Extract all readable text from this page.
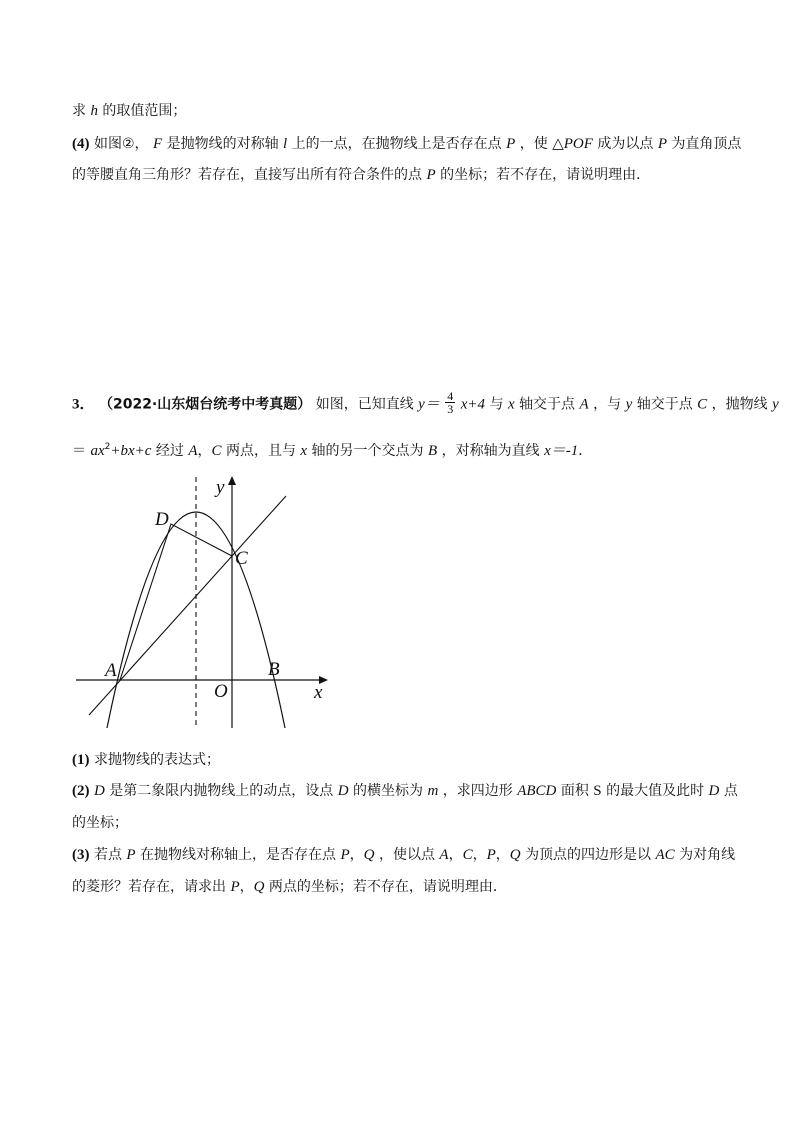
求 h 的取值范围；
(4) 如图②， F 是抛物线的对称轴 l 上的一点，在抛物线上是否存在点 P ，使 △POF 成为以点 P 为直角顶点
的等腰直角三角形？若存在，直接写出所有符合条件的点 P 的坐标；若不存在，请说明理由．
3． （2022·山东烟台统考中考真题） 如图，已知直线 $y= \frac{4}{3} x+4$ 与 x 轴交于点 A ，与 y 轴交于点 C ，抛物线 y
＝ $ax^2+bx+c$ 经过 A，C 两点，且与 x 轴的另一个交点为 B ，对称轴为直线 x＝-1．
y
x
O
A	B
C
D
(1) 求抛物线的表达式；
(2) D 是第二象限内抛物线上的动点，设点 D 的横坐标为 m ，求四边形 ABCD 面积 S 的最大值及此时 D 点
的坐标；
(3) 若点 P 在抛物线对称轴上，是否存在点 P，Q ，使以点 A，C，P，Q 为顶点的四边形是以 AC 为对角线
的菱形？若存在，请求出 P，Q 两点的坐标；若不存在，请说明理由．
